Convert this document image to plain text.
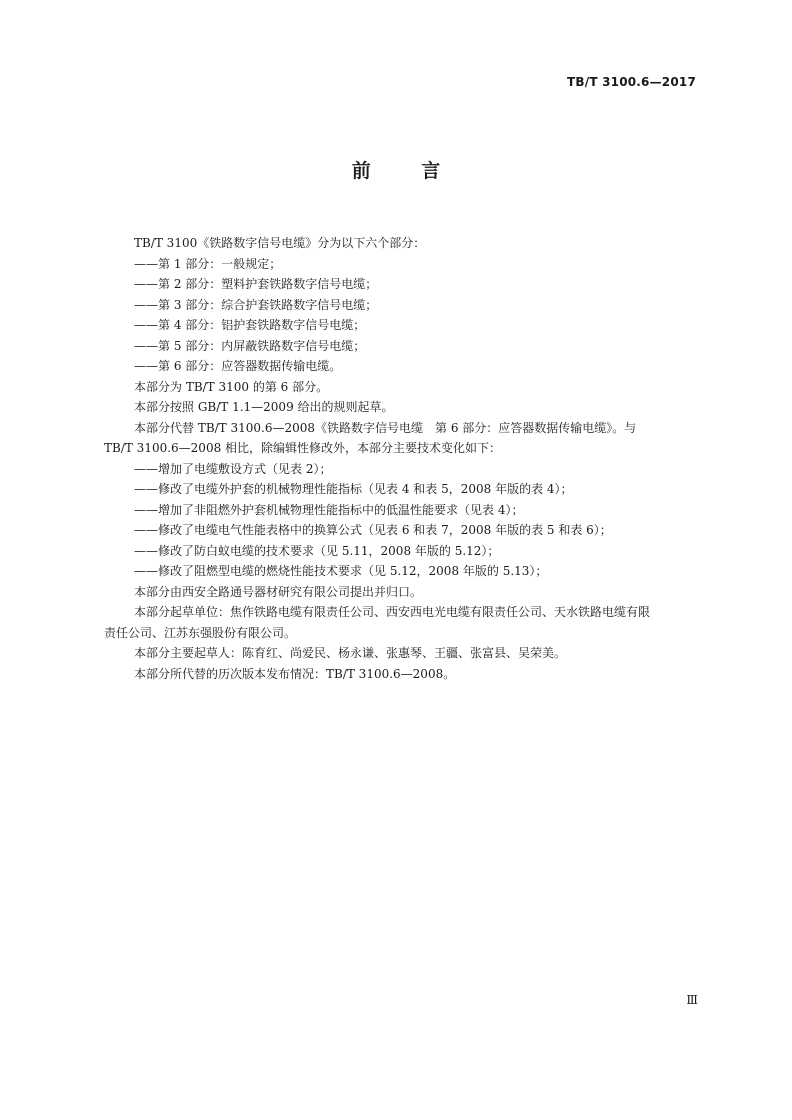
TB/T 3100.6—2017
前 言
TB/T 3100《铁路数字信号电缆》分为以下六个部分：
——第 1 部分：一般规定；
——第 2 部分：塑料护套铁路数字信号电缆；
——第 3 部分：综合护套铁路数字信号电缆；
——第 4 部分：铝护套铁路数字信号电缆；
——第 5 部分：内屏蔽铁路数字信号电缆；
——第 6 部分：应答器数据传输电缆。
本部分为 TB/T 3100 的第 6 部分。
本部分按照 GB/T 1.1—2009 给出的规则起草。
本部分代替 TB/T 3100.6—2008《铁路数字信号电缆　第 6 部分：应答器数据传输电缆》。与
TB/T 3100.6—2008 相比，除编辑性修改外，本部分主要技术变化如下：
——增加了电缆敷设方式（见表 2）；
——修改了电缆外护套的机械物理性能指标（见表 4 和表 5，2008 年版的表 4）；
——增加了非阻燃外护套机械物理性能指标中的低温性能要求（见表 4）；
——修改了电缆电气性能表格中的换算公式（见表 6 和表 7，2008 年版的表 5 和表 6）；
——修改了防白蚁电缆的技术要求（见 5.11，2008 年版的 5.12）；
——修改了阻燃型电缆的燃烧性能技术要求（见 5.12，2008 年版的 5.13）；
本部分由西安全路通号器材研究有限公司提出并归口。
本部分起草单位：焦作铁路电缆有限责任公司、西安西电光电缆有限责任公司、天水铁路电缆有限
责任公司、江苏东强股份有限公司。
本部分主要起草人：陈育红、尚爱民、杨永谦、张惠琴、王疆、张富县、吴荣美。
本部分所代替的历次版本发布情况：TB/T 3100.6—2008。
Ⅲ
